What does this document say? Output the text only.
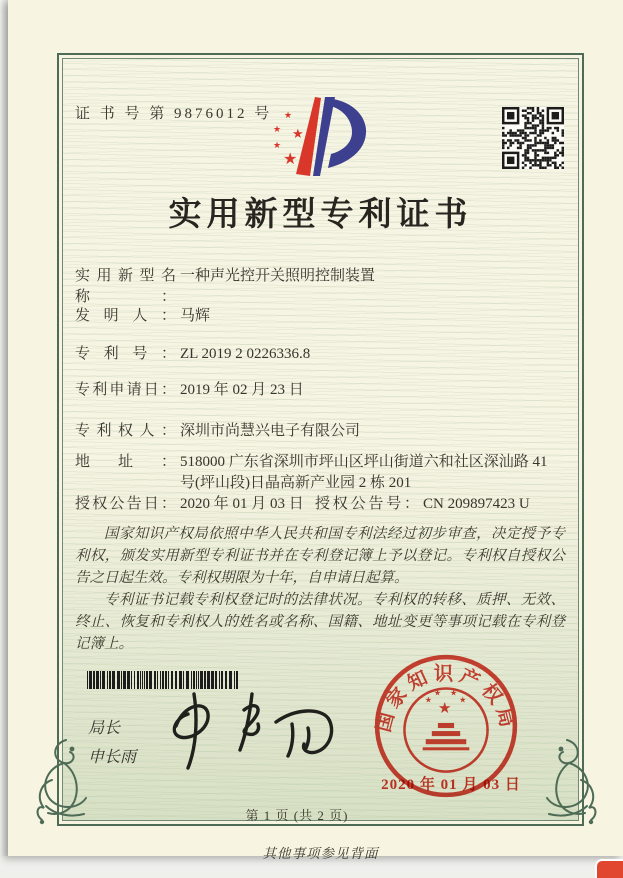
证 书 号 第 9876012 号 ★
★ ★
★
★
实用新型专利证书
实用新型名称：
一种声光控开关照明控制装置
发明人： 马辉
专利号： ZL 2019 2 0226336.8
专利申请日： 2019 年 02 月 23 日
专利权人： 深圳市尚慧兴电子有限公司
地址： 518000 广东省深圳市坪山区坪山街道六和社区深汕路 41 号(坪山段)日晶高新产业园 2 栋 201
授权公告日： 2020 年 01 月 03 日 授权公告号： CN 209897423 U

国家知识产权局依照中华人民共和国专利法经过初步审查，决定授予专利权，颁发实用新型专利证书并在专利登记簿上予以登记。专利权自授权公告之日起生效。专利权期限为十年，自申请日起算。

专利证书记载专利权登记时的法律状况。专利权的转移、质押、无效、终止、恢复和专利权人的姓名或名称、国籍、地址变更等事项记载在专利登记簿上。

局长
申长雨
国家知识产权局
★
★
★ ★
★
2020 年 01 月 03 日
第 1 页 (共 2 页)
其他事项参见背面
